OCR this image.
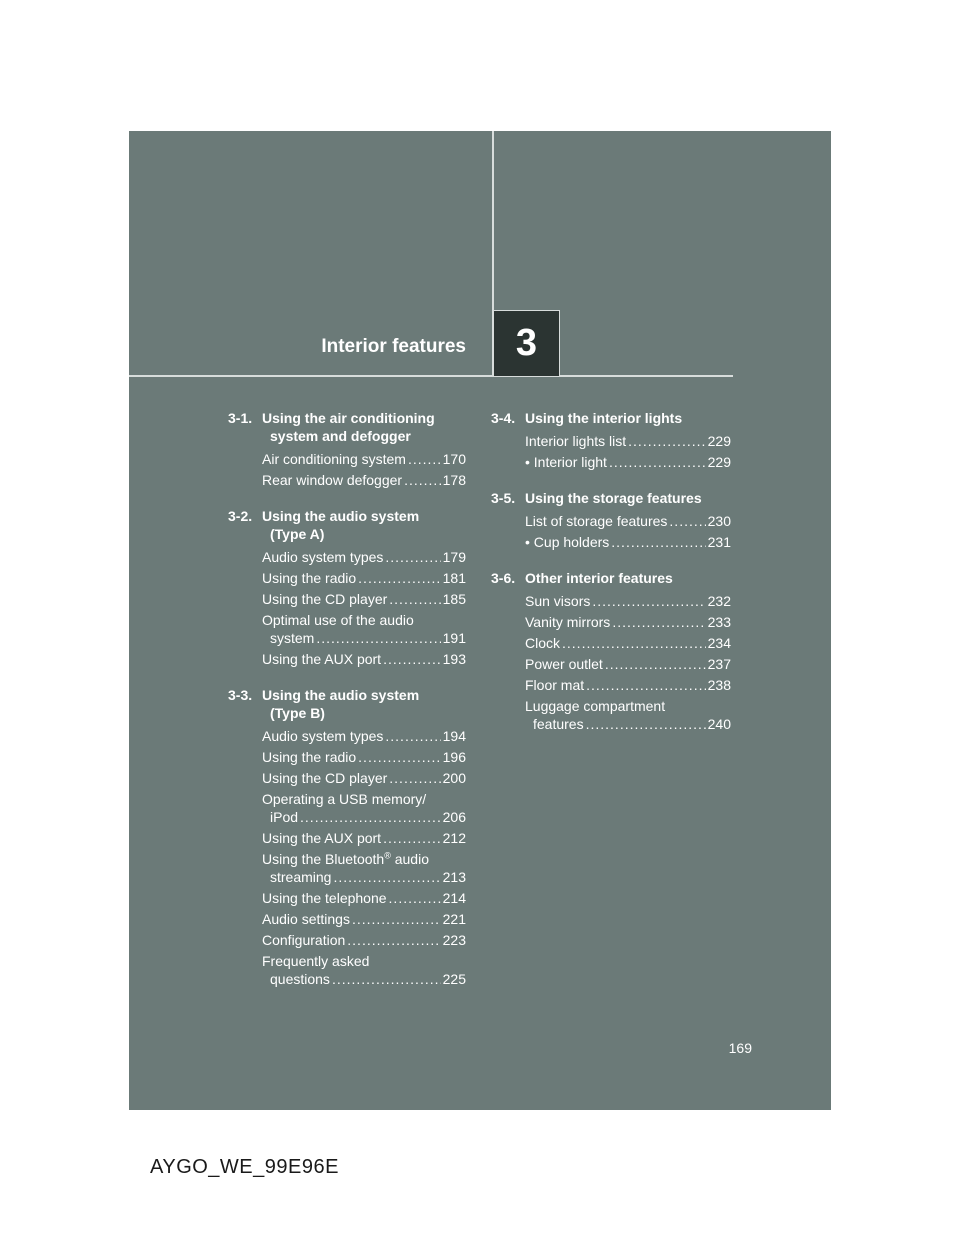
Interior features 3
3-1. Using the air conditioning
system and defogger
Air conditioning system .....	170
Rear window defogger .....	178
3-2. Using the audio system
(Type A)
Audio system types .....	179
Using the radio .....	181
Using the CD player .....	185
Optimal use of the audio
system .....	191
Using the AUX port .....	193
3-3. Using the audio system
(Type B)
Audio system types .....	194
Using the radio .....	196
Using the CD player .....	200
Operating a USB memory/
iPod .....	206
Using the AUX port .....	212
Using the Bluetooth® audio
streaming .....	213
Using the telephone .....	214
Audio settings .....	221
Configuration .....	223
Frequently asked
questions .....	225
3-4. Using the interior lights
Interior lights list .....	229
• Interior light .....	229
3-5. Using the storage features
List of storage features .....	230
• Cup holders .....	231
3-6. Other interior features
Sun visors .....	232
Vanity mirrors .....	233
Clock .....	234
Power outlet .....	237
Floor mat .....	238
Luggage compartment
features .....	240
169
AYGO_WE_99E96E
